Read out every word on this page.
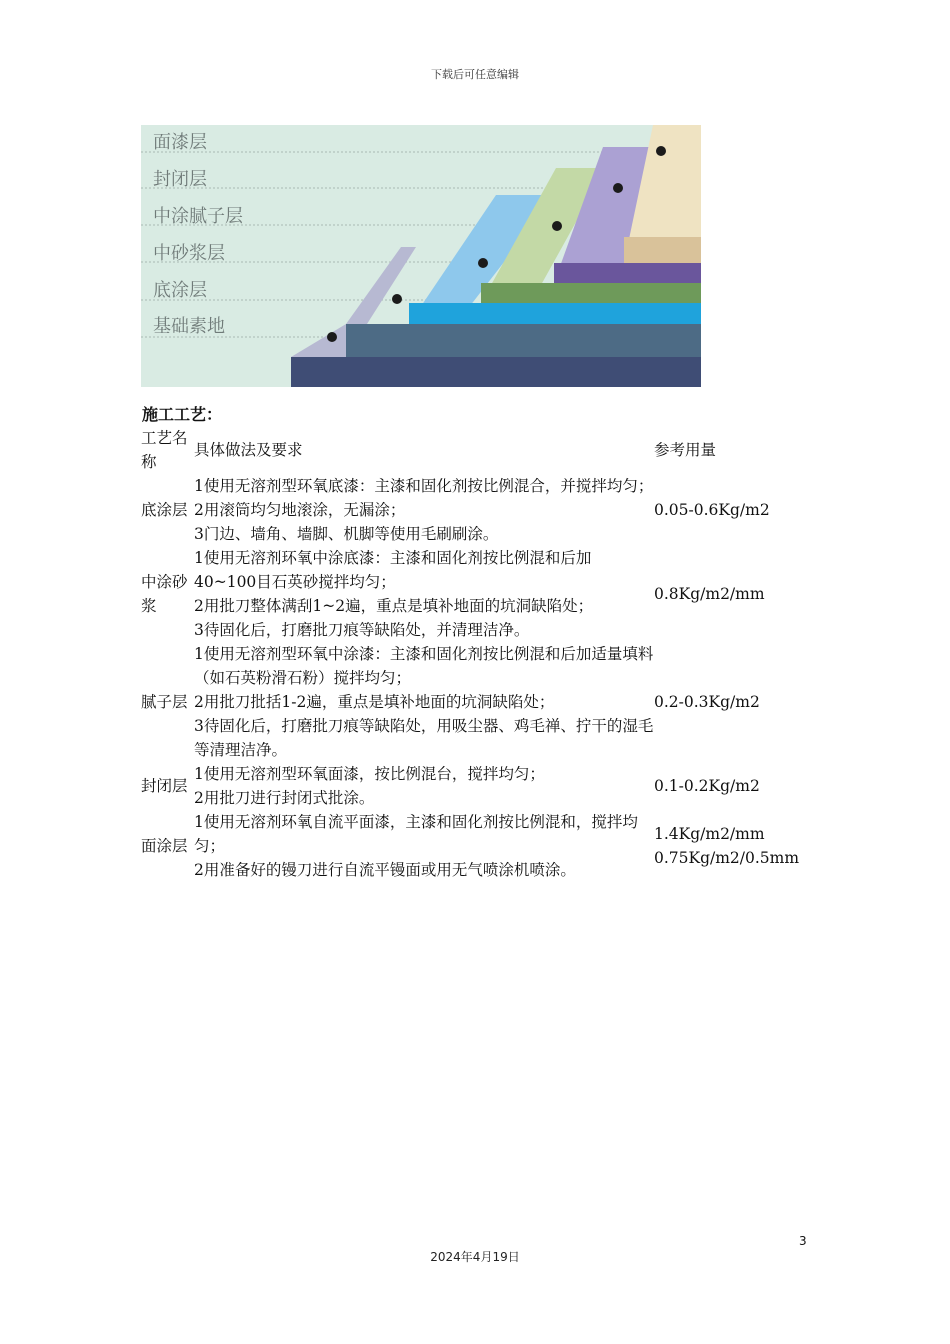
下载后可任意编辑
面漆层
封闭层
中涂腻子层
中砂浆层
底涂层
基础素地
施工工艺：
工艺名称	具体做法及要求	参考用量
底涂层	1使用无溶剂型环氧底漆：主漆和固化剂按比例混合，并搅拌均匀；
2用滚筒均匀地滚涂，无漏涂；
3门边、墙角、墙脚、机脚等使用毛刷刷涂。	0.05-0.6Kg/m2

中涂砂浆	1使用无溶剂环氧中涂底漆：主漆和固化剂按比例混和后加
40~100目石英砂搅拌均匀；
2用批刀整体满刮1~2遍，重点是填补地面的坑洞缺陷处；
3待固化后，打磨批刀痕等缺陷处，并清理洁净。	0.8Kg/m2/mm

腻子层	1使用无溶剂型环氧中涂漆：主漆和固化剂按比例混和后加适量填料（如石英粉滑石粉）搅拌均匀；
2用批刀批括1-2遍，重点是填补地面的坑洞缺陷处；
3待固化后，打磨批刀痕等缺陷处，用吸尘器、鸡毛禅、拧干的湿毛等清理洁净。	0.2-0.3Kg/m2

封闭层	1使用无溶剂型环氧面漆，按比例混台，搅拌均匀；
2用批刀进行封闭式批涂。	0.1-0.2Kg/m2

面涂层	1使用无溶剂环氧自流平面漆，主漆和固化剂按比例混和，搅拌均匀；
2用准备好的镘刀进行自流平镘面或用无气喷涂机喷涂。	1.4Kg/m2/mm
0.75Kg/m2/0.5mm
3
2024年4月19日
